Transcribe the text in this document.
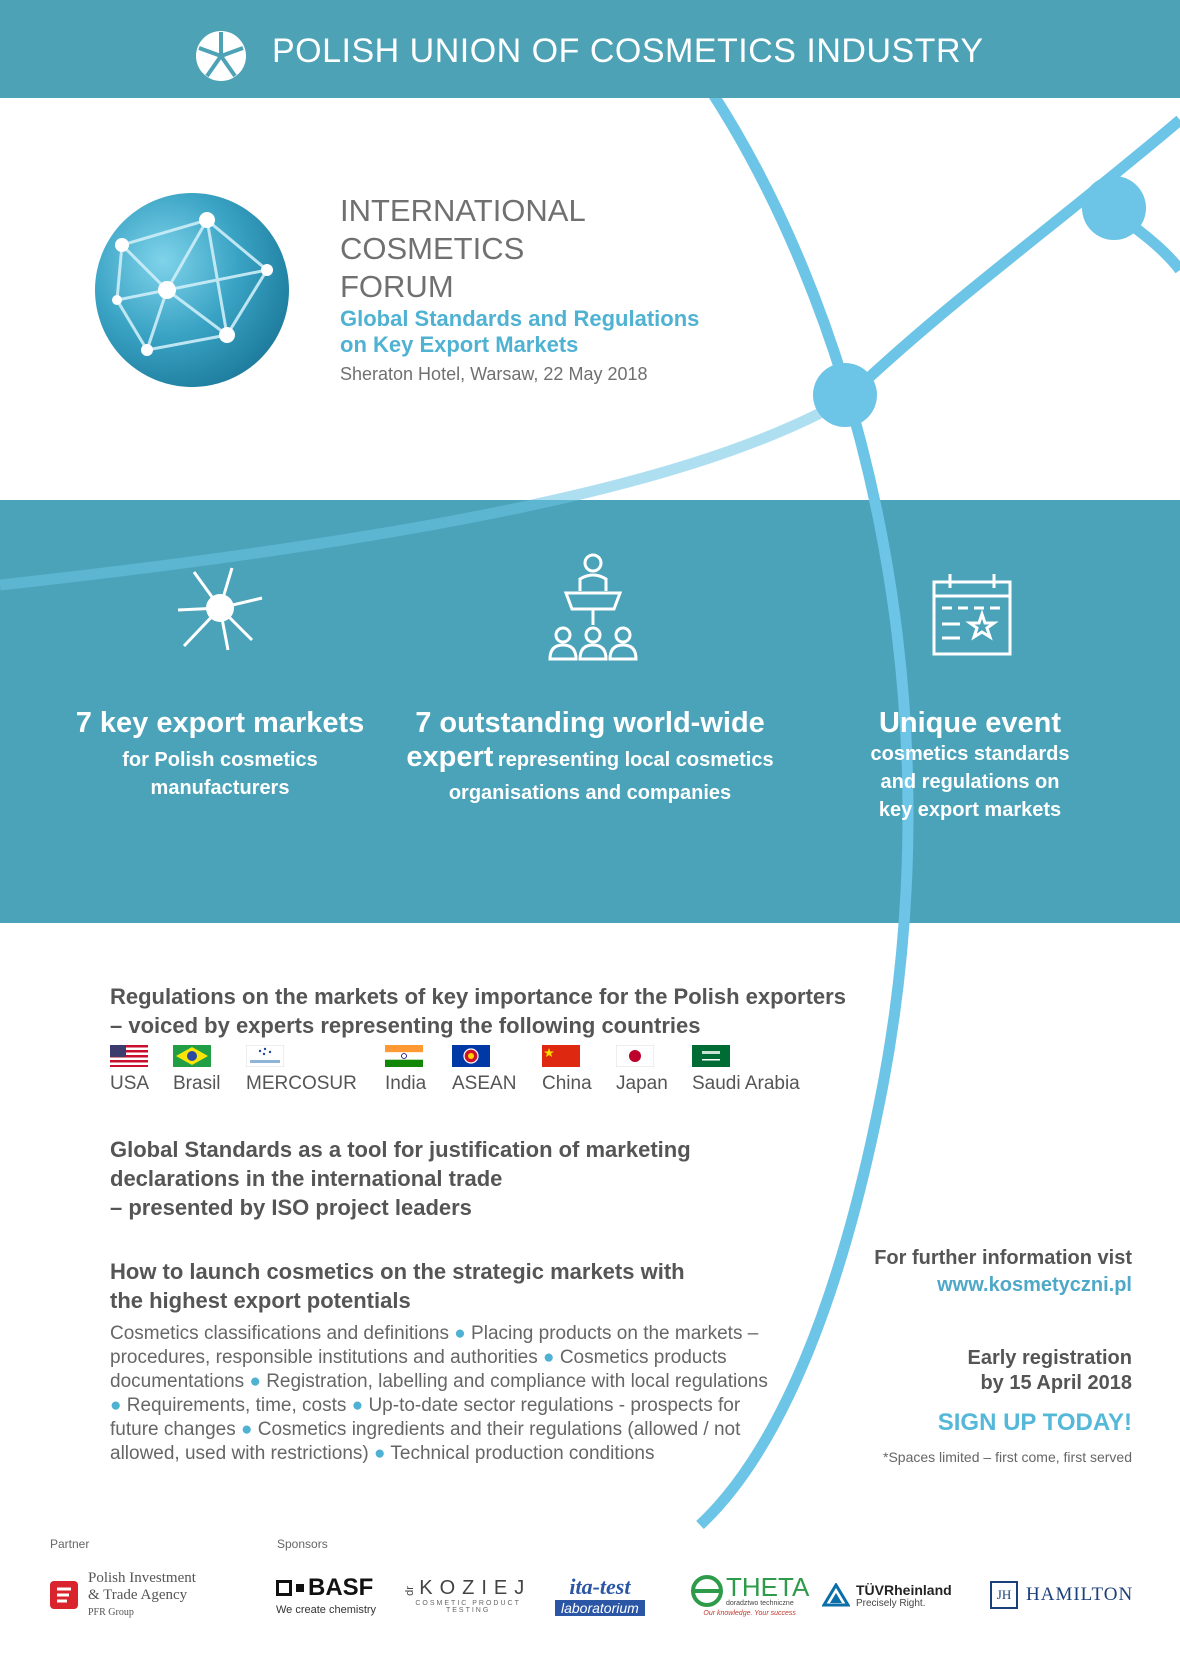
POLISH UNION OF COSMETICS INDUSTRY
INTERNATIONAL
COSMETICS
FORUM
Global Standards and Regulations
on Key Export Markets
Sheraton Hotel, Warsaw, 22 May 2018
7 key export markets
for Polish cosmetics
manufacturers
7 outstanding world-wide
expert representing local cosmetics
organisations and companies
Unique event
cosmetics standards
and regulations on
key export markets
Regulations on the markets of key importance for the Polish exporters
– voiced by experts representing the following countries
USA Brasil MERCOSUR India ASEAN China Japan Saudi Arabia
Global Standards as a tool for justification of marketing
declarations in the international trade
– presented by ISO project leaders
How to launch cosmetics on the strategic markets with
the highest export potentials
Cosmetics classifications and definitions ● Placing products on the markets – procedures, responsible institutions and authorities ● Cosmetics products documentations ● Registration, labelling and compliance with local regulations ● Requirements, time, costs ● Up-to-date sector regulations - prospects for future changes ● Cosmetics ingredients and their regulations (allowed / not allowed, used with restrictions) ● Technical production conditions
For further information vist
www.kosmetyczni.pl
Early registration
by 15 April 2018
SIGN UP TODAY!
*Spaces limited – first come, first served
Partner	Sponsors
Polish Investment
& Trade Agency
PFR Group
BASF
We create chemistry
dr KOZIEJ
COSMETIC PRODUCT
TESTING
ita-test
laboratorium
THETA
doradztwo techniczne
Our knowledge. Your success
TÜVRheinland
Precisely Right.
JH HAMILTON
